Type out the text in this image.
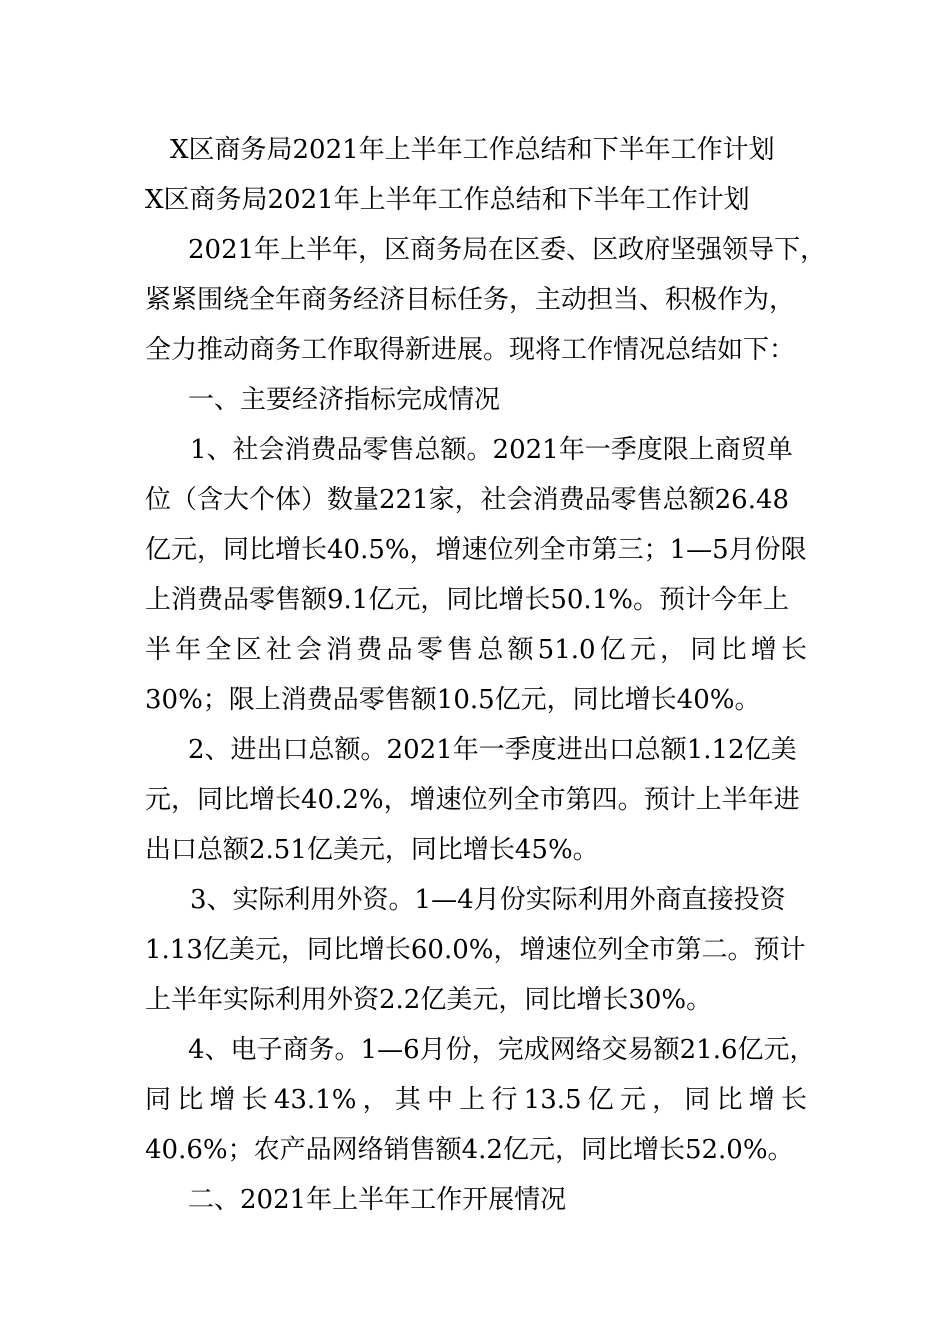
X区商务局2021年上半年工作总结和下半年工作计划
X区商务局2021年上半年工作总结和下半年工作计划
2021年上半年，区商务局在区委、区政府坚强领导下，
紧紧围绕全年商务经济目标任务，主动担当、积极作为，
全力推动商务工作取得新进展。现将工作情况总结如下：
一、主要经济指标完成情况
1、社会消费品零售总额。2021年一季度限上商贸单
位（含大个体）数量221家，社会消费品零售总额26.48
亿元，同比增长40.5%，增速位列全市第三；1—5月份限
上消费品零售额9.1亿元，同比增长50.1%。预计今年上
半年全区社会消费品零售总额51.0亿元，同比增长
30%；限上消费品零售额10.5亿元，同比增长40%。
2、进出口总额。2021年一季度进出口总额1.12亿美
元，同比增长40.2%，增速位列全市第四。预计上半年进
出口总额2.51亿美元，同比增长45%。
3、实际利用外资。1—4月份实际利用外商直接投资
1.13亿美元，同比增长60.0%，增速位列全市第二。预计
上半年实际利用外资2.2亿美元，同比增长30%。
4、电子商务。1—6月份，完成网络交易额21.6亿元，
同比增长43.1%，其中上行13.5亿元，同比增长
40.6%；农产品网络销售额4.2亿元，同比增长52.0%。
二、2021年上半年工作开展情况
